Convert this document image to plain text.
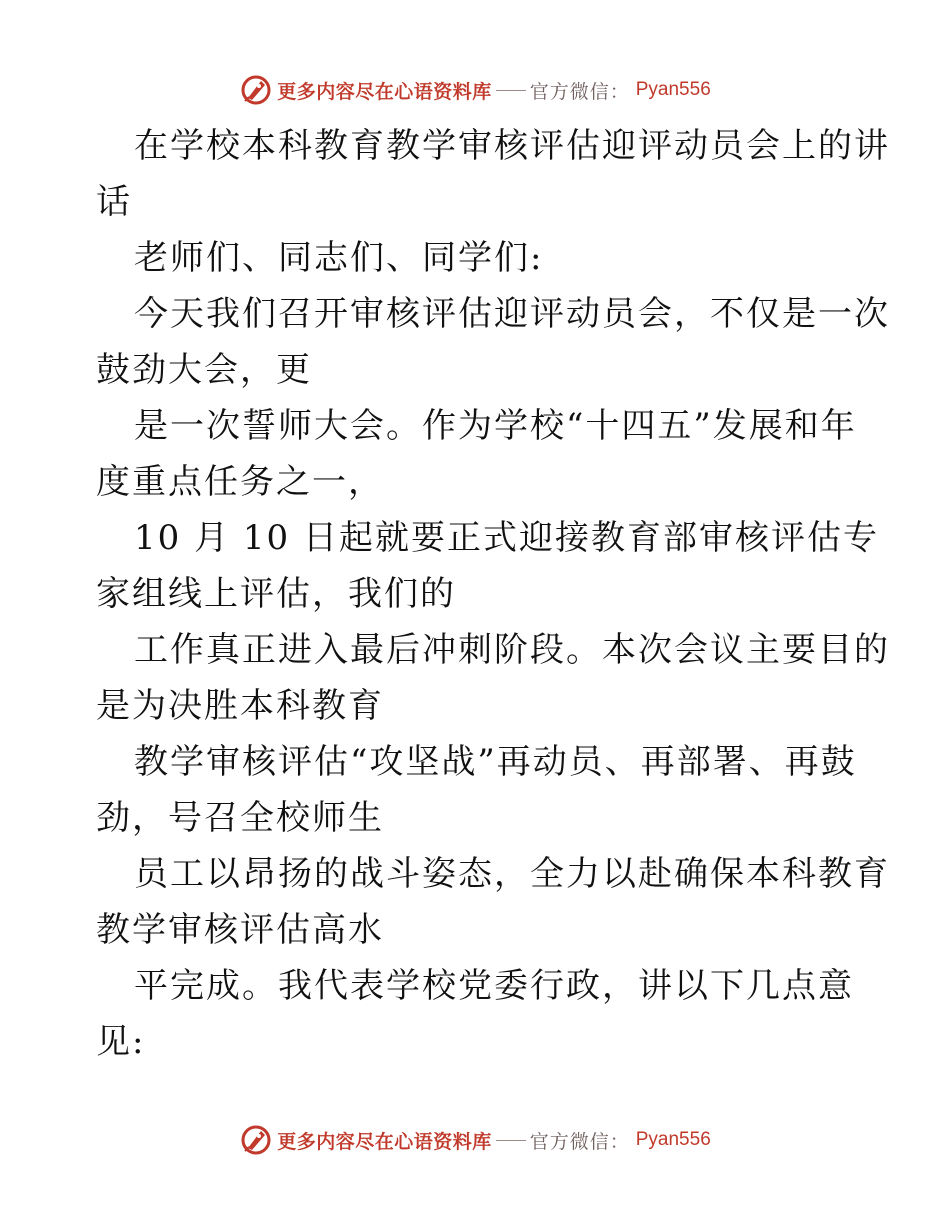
更多内容尽在心语资料库 官方微信： Pyan556

在学校本科教育教学审核评估迎评动员会上的讲
话

老师们、同志们、同学们:

今天我们召开审核评估迎评动员会，不仅是一次
鼓劲大会，更

是一次誓师大会。作为学校“十四五”发展和年
度重点任务之一，

10 月 10 日起就要正式迎接教育部审核评估专
家组线上评估，我们的

工作真正进入最后冲刺阶段。本次会议主要目的
是为决胜本科教育

教学审核评估“攻坚战”再动员、再部署、再鼓
劲，号召全校师生

员工以昂扬的战斗姿态，全力以赴确保本科教育
教学审核评估高水

平完成。我代表学校党委行政，讲以下几点意
见:

更多内容尽在心语资料库 官方微信： Pyan556
